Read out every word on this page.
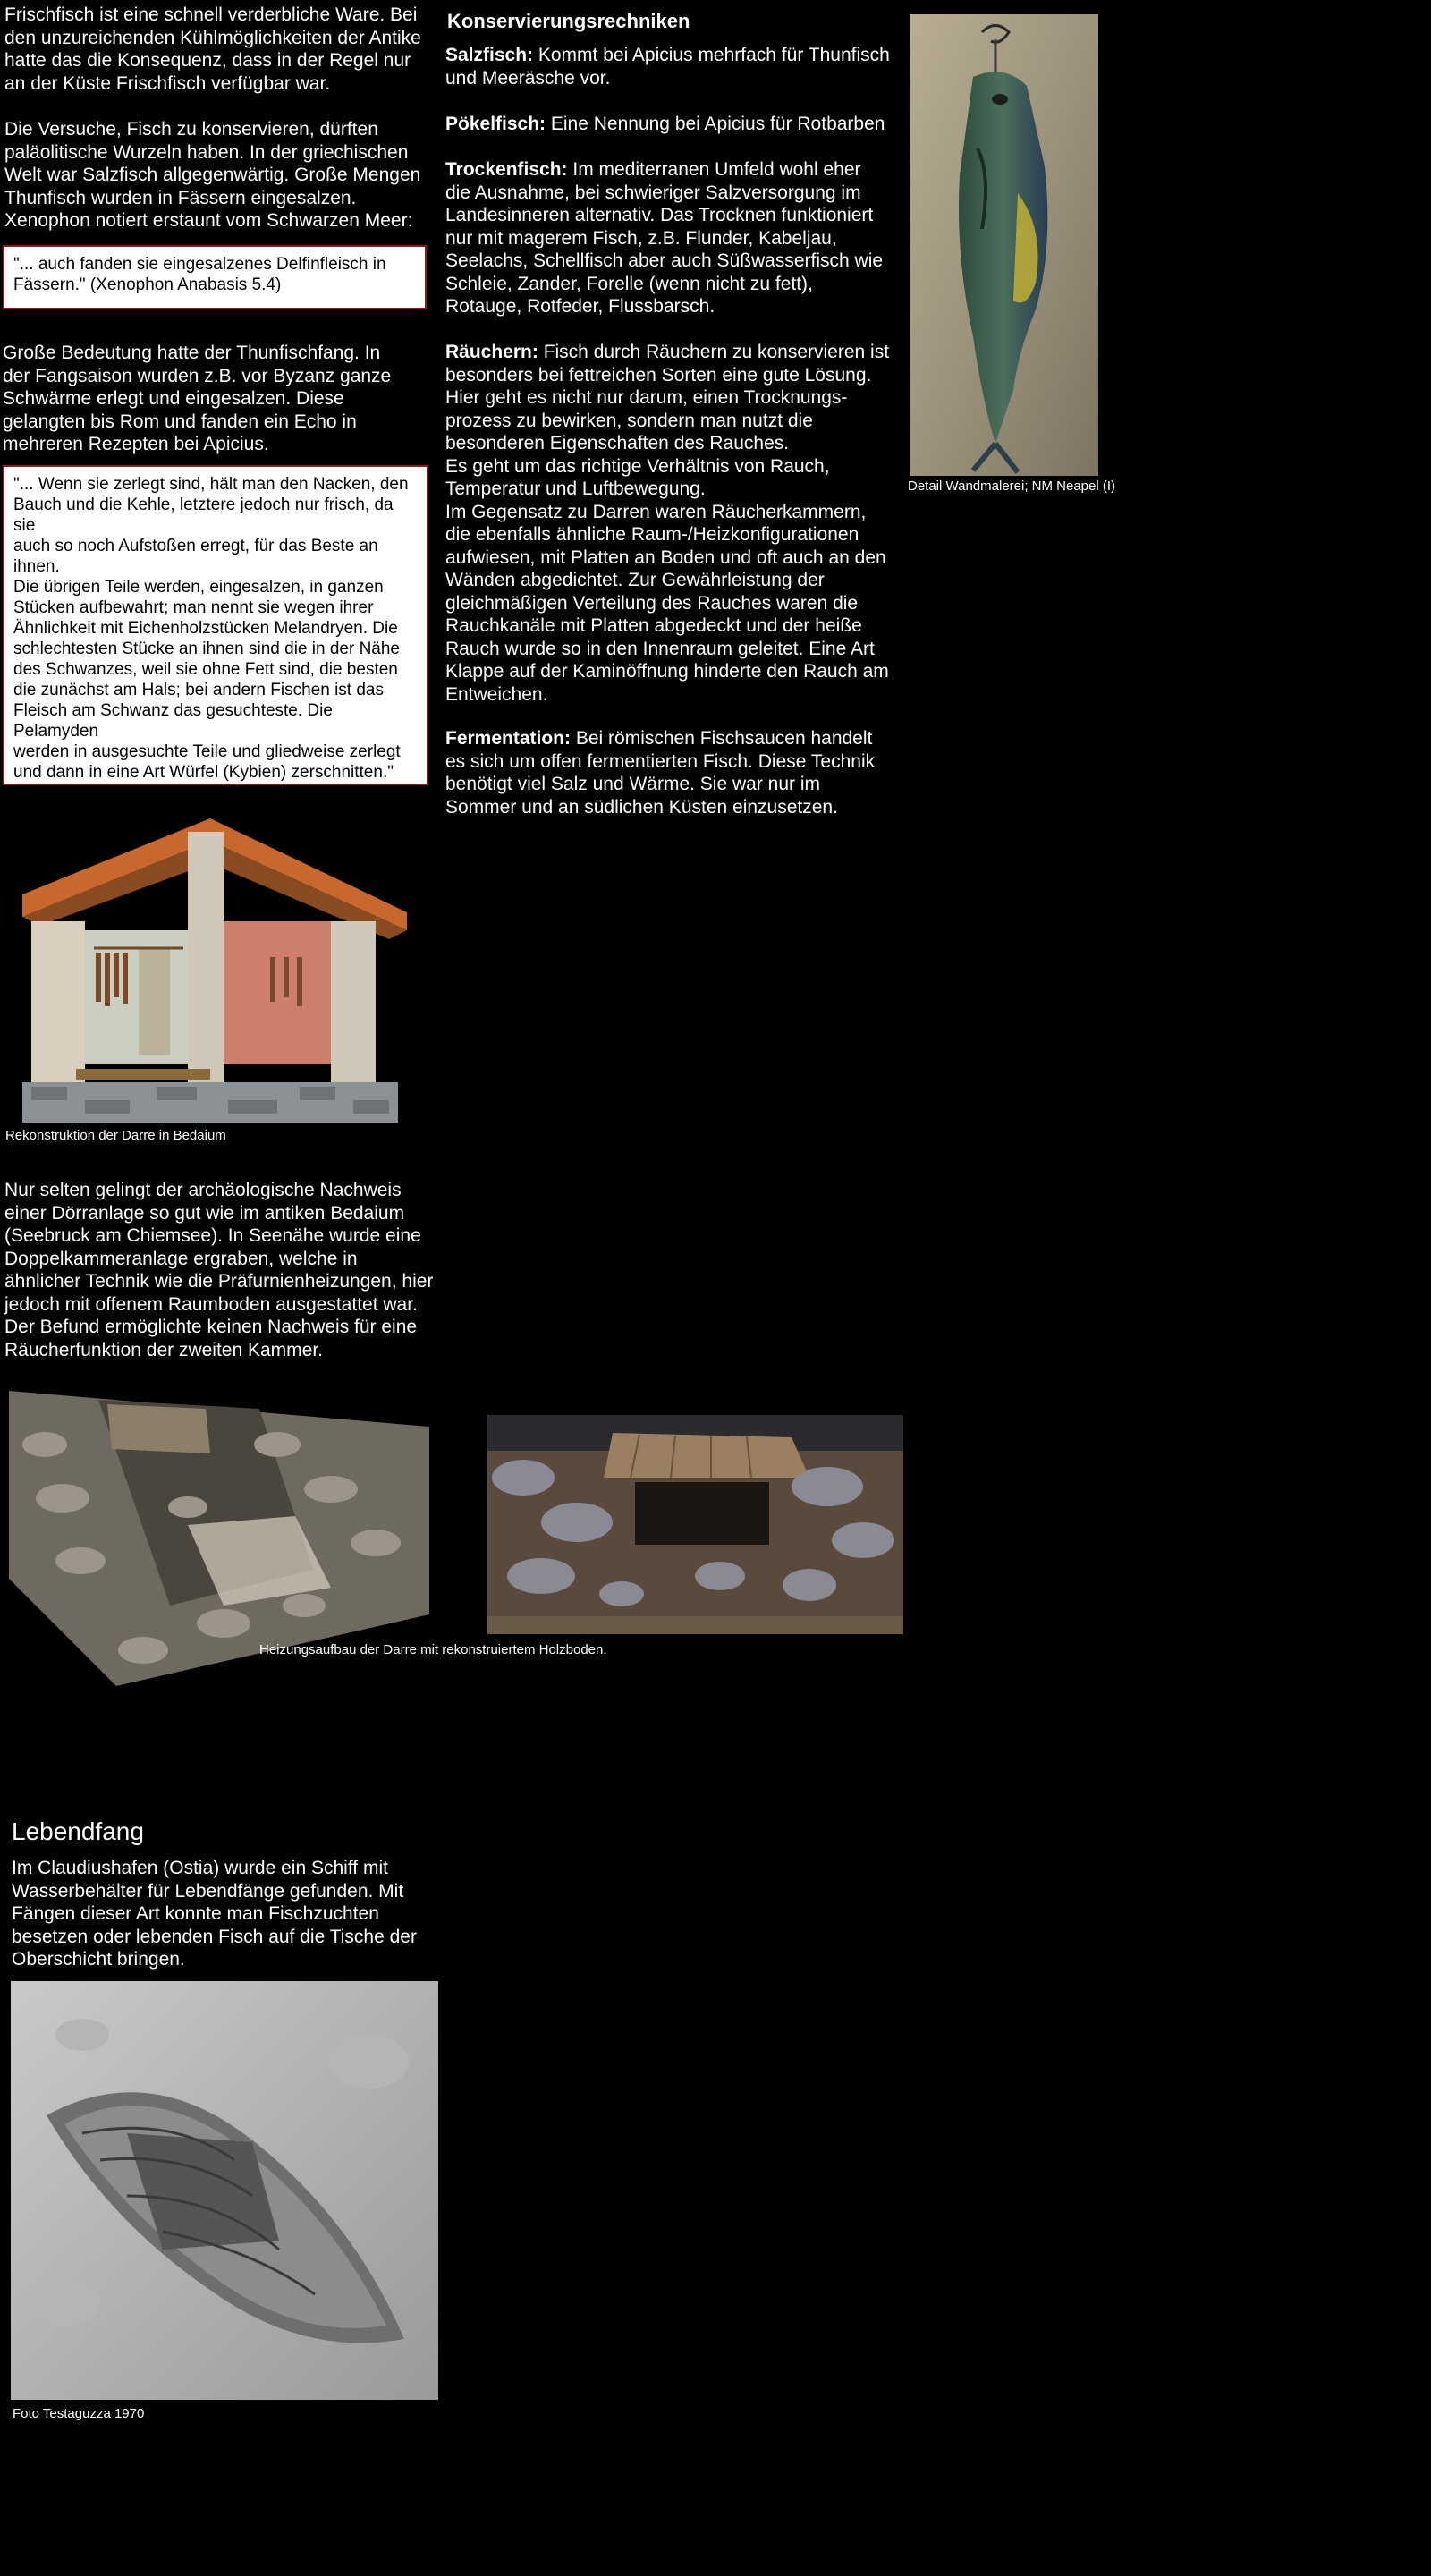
Frischfisch ist eine schnell verderbliche Ware. Bei
den unzureichenden Kühlmöglichkeiten der Antike
hatte das die Konsequenz, dass in der Regel nur
an der Küste Frischfisch verfügbar war.
Die Versuche, Fisch zu konservieren, dürften
paläolitische Wurzeln haben. In der griechischen
Welt war Salzfisch allgegenwärtig. Große Mengen
Thunfisch wurden in Fässern eingesalzen.
Xenophon notiert erstaunt vom Schwarzen Meer:
"... auch fanden sie eingesalzenes Delfinfleisch in
Fässern." (Xenophon Anabasis 5.4)
Große Bedeutung hatte der Thunfischfang. In
der Fangsaison wurden z.B. vor Byzanz ganze
Schwärme erlegt und eingesalzen. Diese
gelangten bis Rom und fanden ein Echo in
mehreren Rezepten bei Apicius.
"... Wenn sie zerlegt sind, hält man den Nacken, den
Bauch und die Kehle, letztere jedoch nur frisch, da sie
auch so noch Aufstoßen erregt, für das Beste an
ihnen.
Die übrigen Teile werden, eingesalzen, in ganzen
Stücken aufbewahrt; man nennt sie wegen ihrer
Ähnlichkeit mit Eichenholzstücken Melandryen. Die
schlechtesten Stücke an ihnen sind die in der Nähe
des Schwanzes, weil sie ohne Fett sind, die besten
die zunächst am Hals; bei andern Fischen ist das
Fleisch am Schwanz das gesuchteste. Die Pelamyden
werden in ausgesuchte Teile und gliedweise zerlegt
und dann in eine Art Würfel (Kybien) zerschnitten."
(Plinus hist.nat. 9.18)
Konservierungsrechniken
Salzfisch: Kommt bei Apicius mehrfach für Thunfisch
und Meeräsche vor.
Pökelfisch: Eine Nennung bei Apicius für Rotbarben
Trockenfisch: Im mediterranen Umfeld wohl eher
die Ausnahme, bei schwieriger Salzversorgung im
Landesinneren alternativ. Das Trocknen funktioniert
nur mit magerem Fisch, z.B. Flunder, Kabeljau,
Seelachs, Schellfisch aber auch Süßwasserfisch wie
Schleie, Zander, Forelle (wenn nicht zu fett),
Rotauge, Rotfeder, Flussbarsch.
Räuchern: Fisch durch Räuchern zu konservieren ist
besonders bei fettreichen Sorten eine gute Lösung.
Hier geht es nicht nur darum, einen Trocknungs-
prozess zu bewirken, sondern man nutzt die
besonderen Eigenschaften des Rauches.
Es geht um das richtige Verhältnis von Rauch,
Temperatur und Luftbewegung.
Im Gegensatz zu Darren waren Räucherkammern,
die ebenfalls ähnliche Raum-/Heizkonfigurationen
aufwiesen, mit Platten an Boden und oft auch an den
Wänden abgedichtet. Zur Gewährleistung der
gleichmäßigen Verteilung des Rauches waren die
Rauchkanäle mit Platten abgedeckt und der heiße
Rauch wurde so in den Innenraum geleitet. Eine Art
Klappe auf der Kaminöffnung hinderte den Rauch am
Entweichen.
Fermentation: Bei römischen Fischsaucen handelt
es sich um offen fermentierten Fisch. Diese Technik
benötigt viel Salz und Wärme. Sie war nur im
Sommer und an südlichen Küsten einzusetzen.
Detail Wandmalerei; NM Neapel (I)
Rekonstruktion der Darre in Bedaium
Nur selten gelingt der archäologische Nachweis
einer Dörranlage so gut wie im antiken Bedaium
(Seebruck am Chiemsee). In Seenähe wurde eine
Doppelkammeranlage ergraben, welche in
ähnlicher Technik wie die Präfurnienheizungen, hier
jedoch mit offenem Raumboden ausgestattet war.
Der Befund ermöglichte keinen Nachweis für eine
Räucherfunktion der zweiten Kammer.
Heizungsaufbau der Darre mit rekonstruiertem Holzboden.
Lebendfang
Im Claudiushafen (Ostia) wurde ein Schiff mit
Wasserbehälter für Lebendfänge gefunden. Mit
Fängen dieser Art konnte man Fischzuchten
besetzen oder lebenden Fisch auf die Tische der
Oberschicht bringen.
Foto Testaguzza 1970
